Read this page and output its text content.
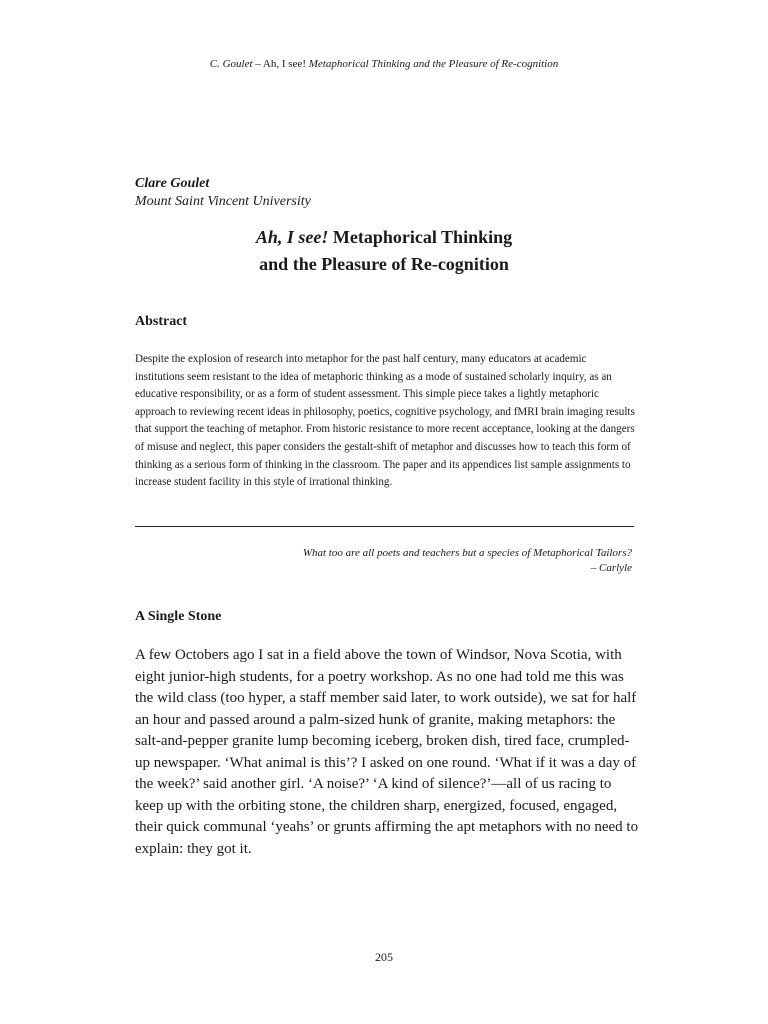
C. Goulet – Ah, I see! Metaphorical Thinking and the Pleasure of Re-cognition
Clare Goulet
Mount Saint Vincent University
Ah, I see! Metaphorical Thinking
and the Pleasure of Re-cognition
Abstract

Despite the explosion of research into metaphor for the past half century, many educators at academic institutions seem resistant to the idea of metaphoric thinking as a mode of sustained scholarly inquiry, as an educative responsibility, or as a form of student assessment. This simple piece takes a lightly metaphoric approach to reviewing recent ideas in philosophy, poetics, cognitive psychology, and fMRI brain imaging results that support the teaching of metaphor. From historic resistance to more recent acceptance, looking at the dangers of misuse and neglect, this paper considers the gestalt-shift of metaphor and discusses how to teach this form of thinking as a serious form of thinking in the classroom. The paper and its appendices list sample assignments to increase student facility in this style of irrational thinking.

What too are all poets and teachers but a species of Metaphorical Tailors?
– Carlyle
A Single Stone

A few Octobers ago I sat in a field above the town of Windsor, Nova Scotia, with eight junior-high students, for a poetry workshop. As no one had told me this was the wild class (too hyper, a staff member said later, to work outside), we sat for half an hour and passed around a palm-sized hunk of granite, making metaphors: the salt-and-pepper granite lump becoming iceberg, broken dish, tired face, crumpled-up newspaper. ‘What animal is this’? I asked on one round. ‘What if it was a day of the week?’ said another girl. ‘A noise?’ ‘A kind of silence?’—all of us racing to keep up with the orbiting stone, the children sharp, energized, focused, engaged, their quick communal ‘yeahs’ or grunts affirming the apt metaphors with no need to explain: they got it.

205
